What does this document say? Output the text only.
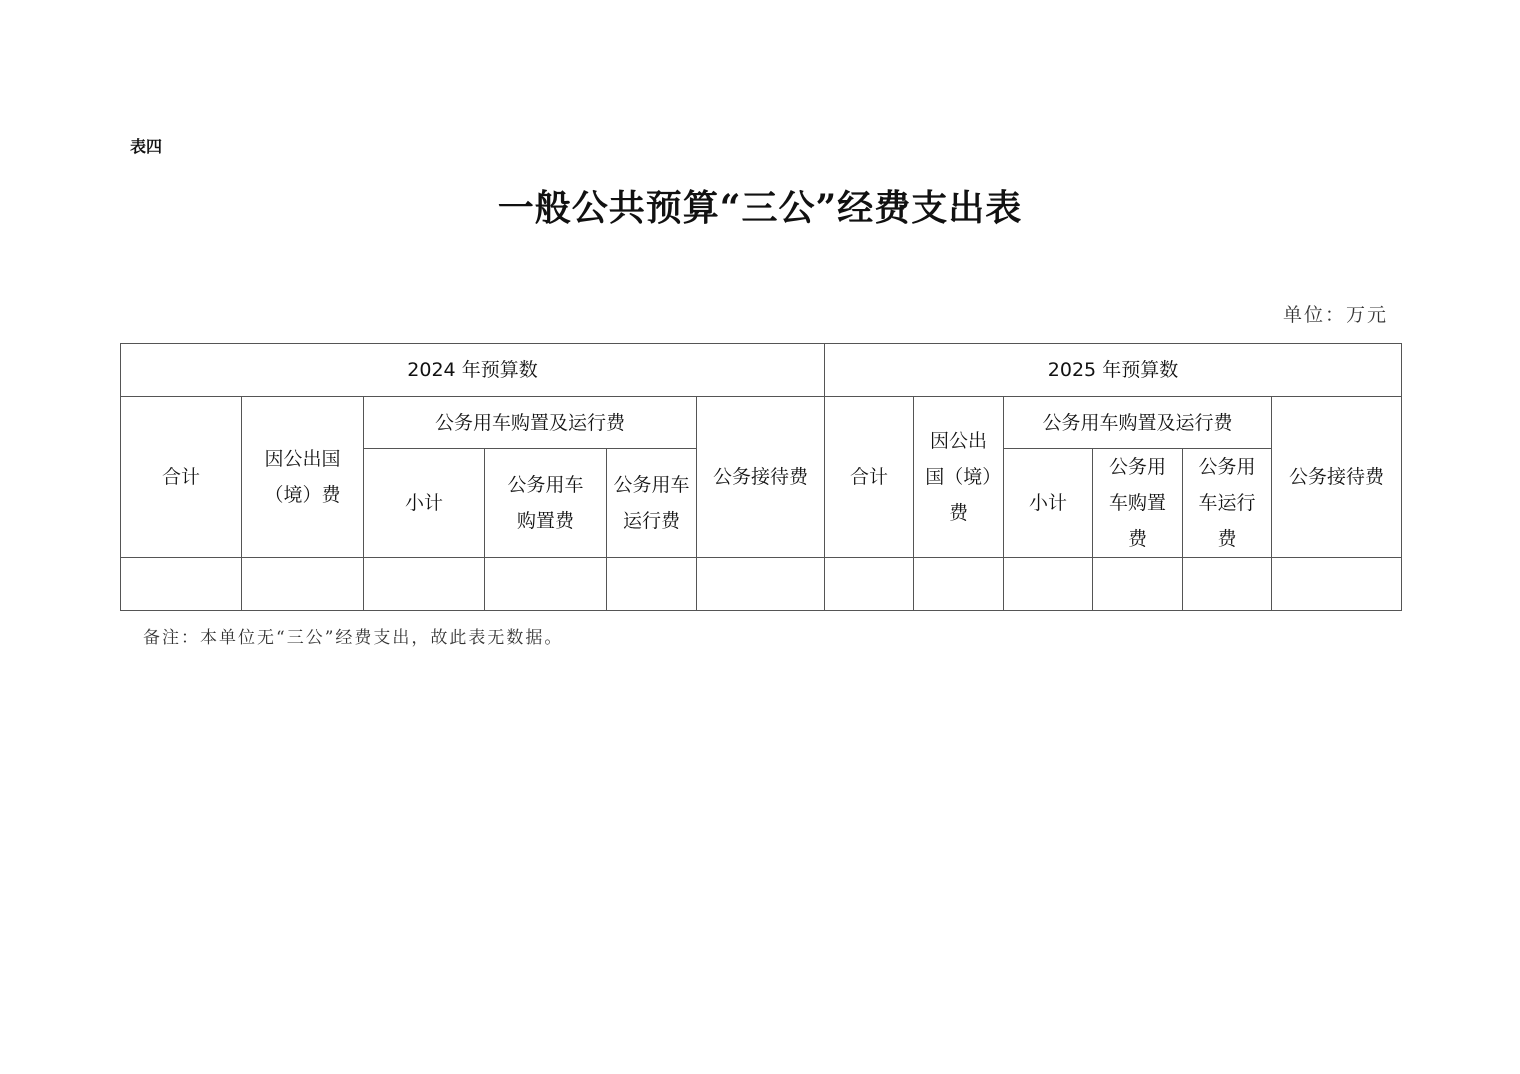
表四
一般公共预算“三公”经费支出表
单位：万元
2024 年预算数						2025 年预算数					
合计	因公出国（境）费	公务用车购置及运行费			公务接待费	合计	因公出国（境）费	公务用车购置及运行费			公务接待费
		小计	公务用车购置费	公务用车运行费				小计	公务用车购置费	公务用车运行费	

备注：本单位无“三公”经费支出，故此表无数据。
